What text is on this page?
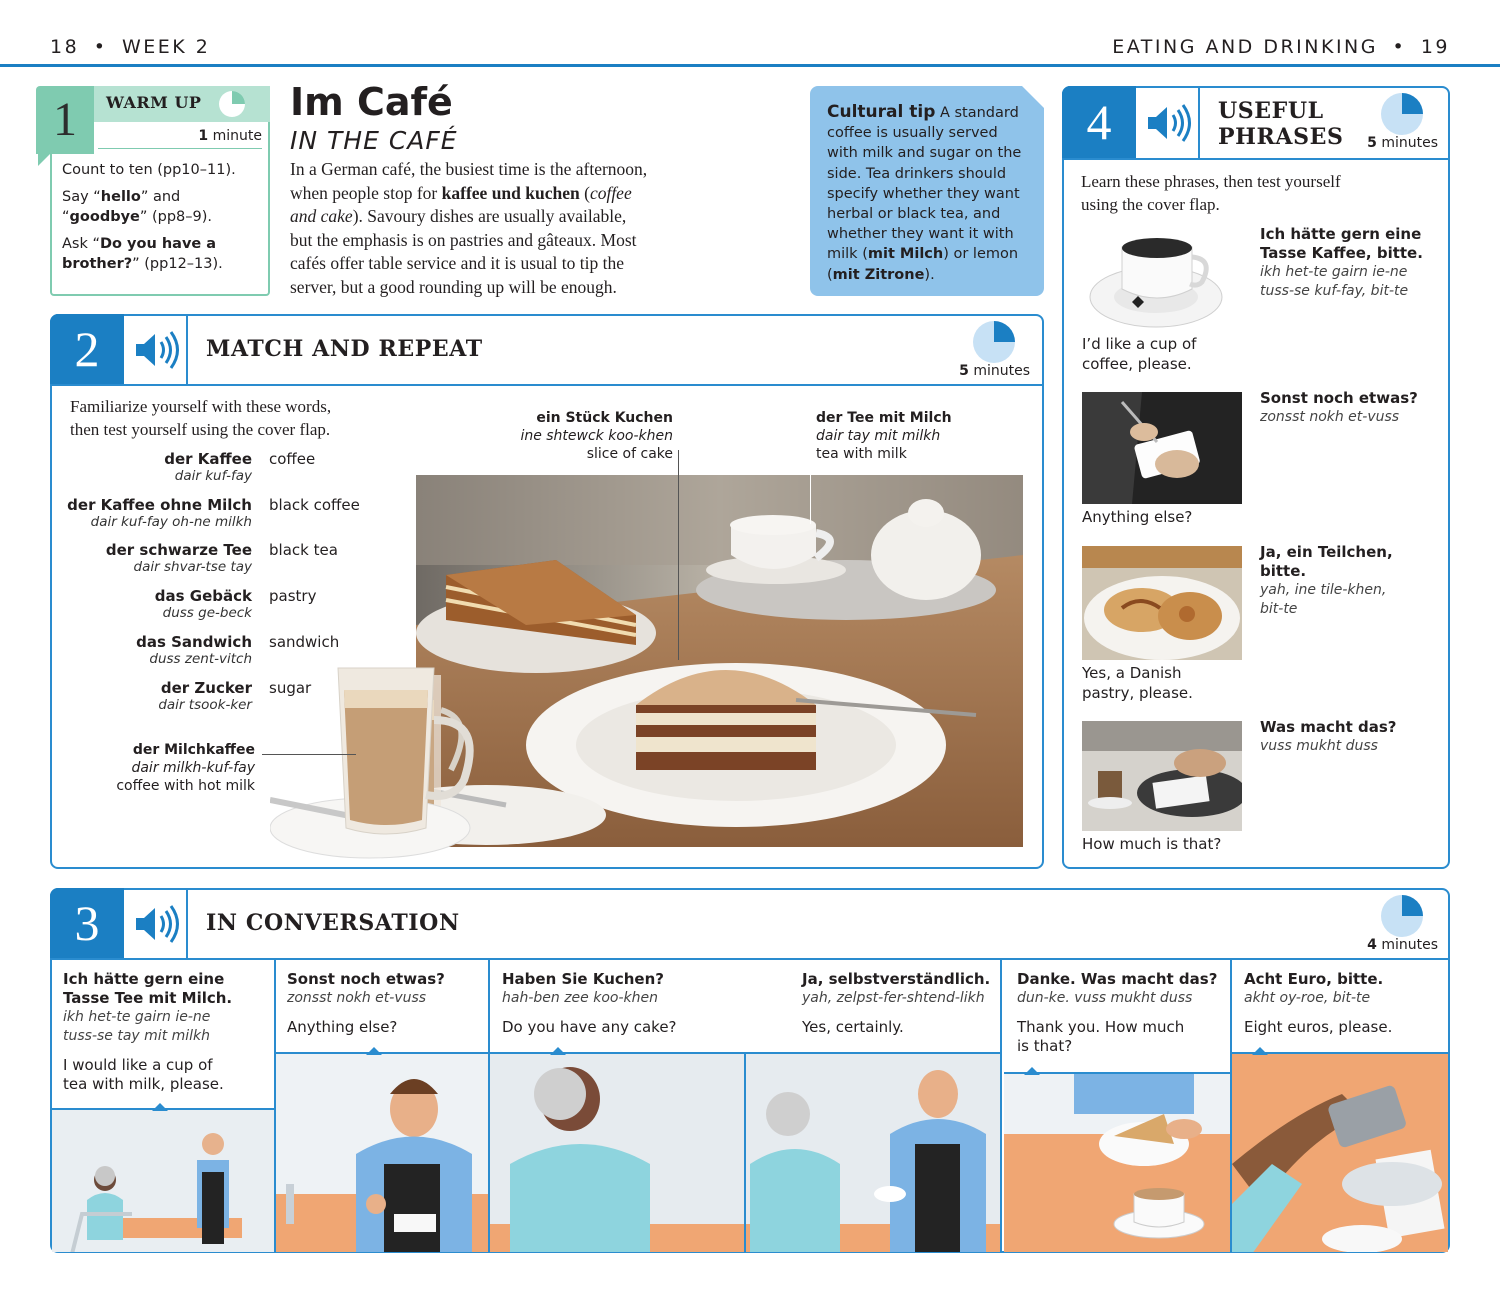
18 • WEEK 2	EATING AND DRINKING • 19
1	WARM UP
1 minute
Count to ten (pp10–11).
Say “hello” and
“goodbye” (pp8–9).
Ask “Do you have a
brother?” (pp12–13).
Im Café
IN THE CAFÉ
In a German café, the busiest time is the afternoon,
when people stop for kaffee und kuchen (coffee
and cake). Savoury dishes are usually available,
but the emphasis is on pastries and gâteaux. Most
cafés offer table service and it is usual to tip the
server, but a good rounding up will be enough.
Cultural tip A standard
coffee is usually served
with milk and sugar on the
side. Tea drinkers should
specify whether they want
herbal or black tea, and
whether they want it with
milk (mit Milch) or lemon
(mit Zitrone).
2	MATCH AND REPEAT
5 minutes
Familiarize yourself with these words,
then test yourself using the cover flap.
der Kaffee
dair kuf-fay
coffee
der Kaffee ohne Milch
dair kuf-fay oh-ne milkh
black coffee
der schwarze Tee
dair shvar-tse tay
black tea
das Gebäck
duss ge-beck
pastry
das Sandwich
duss zent-vitch
sandwich
der Zucker
dair tsook-ker
sugar
ein Stück Kuchen
ine shtewck koo-khen
slice of cake
der Tee mit Milch
dair tay mit milkh
tea with milk
der Milchkaffee
dair milkh-kuf-fay
coffee with hot milk
4	USEFUL
PHRASES	5 minutes
Learn these phrases, then test yourself
using the cover flap.
Ich hätte gern eine
Tasse Kaffee, bitte.
ikh het-te gairn ie-ne
tuss-se kuf-fay, bit-te
I’d like a cup of
coffee, please.
Sonst noch etwas?
zonsst nokh et-vuss
Anything else?
Ja, ein Teilchen,
bitte.
yah, ine tile-khen,
bit-te
Yes, a Danish
pastry, please.
Was macht das?
vuss mukht duss
How much is that?
3	IN CONVERSATION
4 minutes
Ich hätte gern eine
Tasse Tee mit Milch.
ikh het-te gairn ie-ne
tuss-se tay mit milkh
I would like a cup of
tea with milk, please.
Sonst noch etwas?
zonsst nokh et-vuss
Anything else?
Haben Sie Kuchen?
hah-ben zee koo-khen
Do you have any cake?
Ja, selbstverständlich.
yah, zelpst-fer-shtend-likh
Yes, certainly.
Danke. Was macht das?
dun-ke. vuss mukht duss
Thank you. How much
is that?
Acht Euro, bitte.
akht oy-roe, bit-te
Eight euros, please.
